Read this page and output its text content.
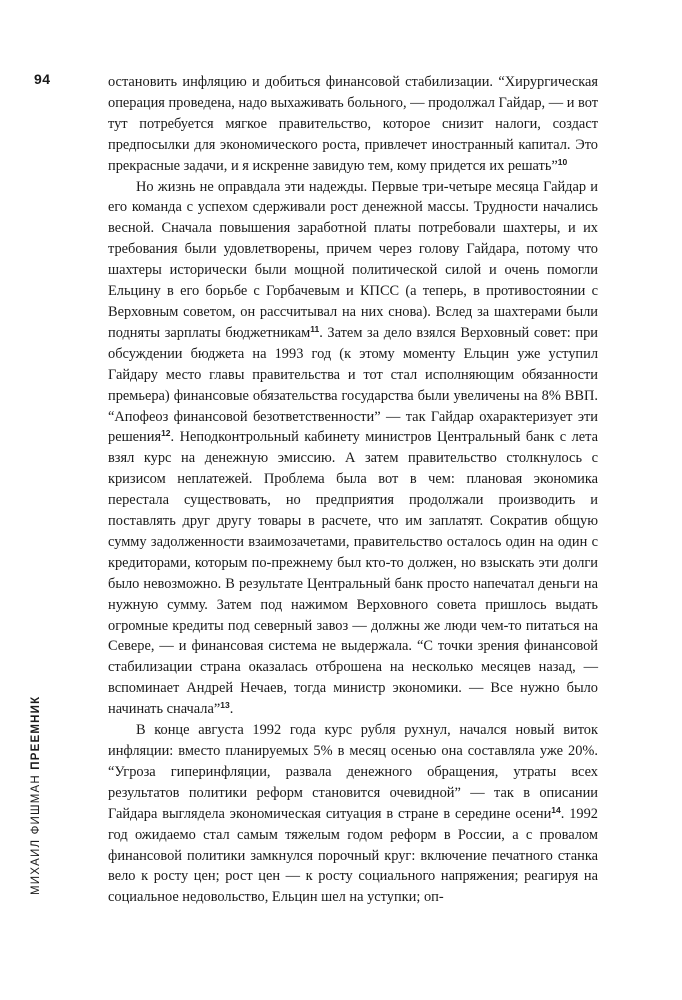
94
МИХАИЛ ФИШМАН ПРЕЕМНИК

остановить инфляцию и добиться финансовой стабилизации. “Хирургическая операция проведена, надо выхаживать больного, — продолжал Гайдар, — и вот тут потребуется мягкое правительство, которое снизит налоги, создаст предпосылки для экономического роста, привлечет иностранный капитал. Это прекрасные задачи, и я искренне завидую тем, кому придется их решать”$^{10}$

Но жизнь не оправдала эти надежды. Первые три-четыре месяца Гайдар и его команда с успехом сдерживали рост денежной массы. Трудности начались весной. Сначала повышения заработной платы потребовали шахтеры, и их требования были удовлетворены, причем через голову Гайдара, потому что шахтеры исторически были мощной политической силой и очень помогли Ельцину в его борьбе с Горбачевым и КПСС (а теперь, в противостоянии с Верховным советом, он рассчитывал на них снова). Вслед за шахтерами были подняты зарплаты бюджетникам$^{11}$. Затем за дело взялся Верховный совет: при обсуждении бюджета на 1993 год (к этому моменту Ельцин уже уступил Гайдару место главы правительства и тот стал исполняющим обязанности премьера) финансовые обязательства государства были увеличены на 8% ВВП. “Апофеоз финансовой безответственности” — так Гайдар охарактеризует эти решения$^{12}$. Неподконтрольный кабинету министров Центральный банк с лета взял курс на денежную эмиссию. А затем правительство столкнулось с кризисом неплатежей. Проблема была вот в чем: плановая экономика перестала существовать, но предприятия продолжали производить и поставлять друг другу товары в расчете, что им заплатят. Сократив общую сумму задолженности взаимозачетами, правительство осталось один на один с кредиторами, которым по-прежнему был кто-то должен, но взыскать эти долги было невозможно. В результате Центральный банк просто напечатал деньги на нужную сумму. Затем под нажимом Верховного совета пришлось выдать огромные кредиты под северный завоз — должны же люди чем-то питаться на Севере, — и финансовая система не выдержала. “С точки зрения финансовой стабилизации страна оказалась отброшена на несколько месяцев назад, — вспоминает Андрей Нечаев, тогда министр экономики. — Все нужно было начинать сначала”$^{13}$.

В конце августа 1992 года курс рубля рухнул, начался новый виток инфляции: вместо планируемых 5% в месяц осенью она составляла уже 20%. “Угроза гиперинфляции, развала денежного обращения, утраты всех результатов политики реформ становится очевидной” — так в описании Гайдара выглядела экономическая ситуация в стране в середине осени$^{14}$. 1992 год ожидаемо стал самым тяжелым годом реформ в России, а с провалом финансовой политики замкнулся порочный круг: включение печатного станка вело к росту цен; рост цен — к росту социального напряжения; реагируя на социальное недовольство, Ельцин шел на уступки; оп-
